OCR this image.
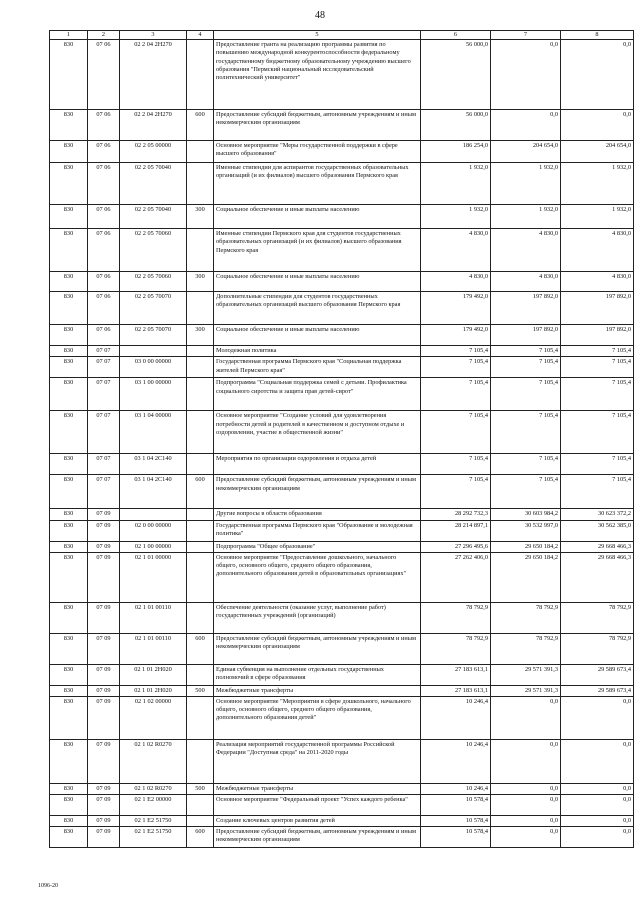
48
1	2	3	4	5	6	7	8
830	07 06	02 2 04 2Н270		Предоставление гранта на реализацию программы развития по повышению международной конкурентоспособности федеральному государственному бюджетному образовательному учреждению высшего образования "Пермский национальный исследовательский политехнический университет"	56 000,0	0,0	0,0
830	07 06	02 2 04 2Н270	600	Предоставление субсидий бюджетным, автономным учреждениям и иным некоммерческим организациям	56 000,0	0,0	0,0
830	07 06	02 2 05 00000		Основное мероприятие "Меры государственной поддержки в сфере высшего образования"	186 254,0	204 654,0	204 654,0
830	07 06	02 2 05 70040		Именные стипендии для аспирантов государственных образовательных организаций (и их филиалов) высшего образования Пермского края	1 932,0	1 932,0	1 932,0
830	07 06	02 2 05 70040	300	Социальное обеспечение и иные выплаты населению	1 932,0	1 932,0	1 932,0
830	07 06	02 2 05 70060		Именные стипендии Пермского края для студентов государственных образовательных организаций (и их филиалов) высшего образования Пермского края	4 830,0	4 830,0	4 830,0
830	07 06	02 2 05 70060	300	Социальное обеспечение и иные выплаты населению	4 830,0	4 830,0	4 830,0
830	07 06	02 2 05 70070		Дополнительные стипендии для студентов государственных образовательных организаций высшего образования Пермского края	179 492,0	197 892,0	197 892,0
830	07 06	02 2 05 70070	300	Социальное обеспечение и иные выплаты населению	179 492,0	197 892,0	197 892,0
830	07 07			Молодежная политика	7 105,4	7 105,4	7 105,4
830	07 07	03 0 00 00000		Государственная программа Пермского края "Социальная поддержка жителей Пермского края"	7 105,4	7 105,4	7 105,4
830	07 07	03 1 00 00000		Подпрограмма "Социальная поддержка семей с детьми. Профилактика социального сиротства и защита прав детей-сирот"	7 105,4	7 105,4	7 105,4
830	07 07	03 1 04 00000		Основное мероприятие "Создание условий для удовлетворения потребности детей и родителей в качественном и доступном отдыхе и оздоровлении, участие в общественной жизни"	7 105,4	7 105,4	7 105,4
830	07 07	03 1 04 2С140		Мероприятия по организации оздоровления и отдыха детей	7 105,4	7 105,4	7 105,4
830	07 07	03 1 04 2С140	600	Предоставление субсидий бюджетным, автономным учреждениям и иным некоммерческим организациям	7 105,4	7 105,4	7 105,4
830	07 09			Другие вопросы в области образования	28 292 732,3	30 603 984,2	30 623 372,2
830	07 09	02 0 00 00000		Государственная программа Пермского края "Образование и молодежная политика"	28 214 897,1	30 532 997,0	30 562 385,0
830	07 09	02 1 00 00000		Подпрограмма "Общее образование"	27 296 495,6	29 650 184,2	29 668 466,3
830	07 09	02 1 01 00000		Основное мероприятие "Предоставление дошкольного, начального общего, основного общего, среднего общего образования, дополнительного образования детей в образовательных организациях"	27 262 406,0	29 650 184,2	29 668 466,3
830	07 09	02 1 01 00110		Обеспечение деятельности (оказание услуг, выполнение работ) государственных учреждений (организаций)	78 792,9	78 792,9	78 792,9
830	07 09	02 1 01 00110	600	Предоставление субсидий бюджетным, автономным учреждениям и иным некоммерческим организациям	78 792,9	78 792,9	78 792,9
830	07 09	02 1 01 2Н020		Единая субвенция на выполнение отдельных государственных полномочий в сфере образования	27 183 613,1	29 571 391,3	29 589 673,4
830	07 09	02 1 01 2Н020	500	Межбюджетные трансферты	27 183 613,1	29 571 391,3	29 589 673,4
830	07 09	02 1 02 00000		Основное мероприятие "Мероприятия в сфере дошкольного, начального общего, основного общего, среднего общего образования, дополнительного образования детей"	10 246,4	0,0	0,0
830	07 09	02 1 02 R0270		Реализация мероприятий государственной программы Российской Федерации "Доступная среда" на 2011-2020 годы	10 246,4	0,0	0,0
830	07 09	02 1 02 R0270	500	Межбюджетные трансферты	10 246,4	0,0	0,0
830	07 09	02 1 Е2 00000		Основное мероприятие "Федеральный проект "Успех каждого ребенка"	10 578,4	0,0	0,0
830	07 09	02 1 Е2 51750		Создание ключевых центров развития детей	10 578,4	0,0	0,0
830	07 09	02 1 Е2 51750	600	Предоставление субсидий бюджетным, автономным учреждениям и иным некоммерческим организациям	10 578,4	0,0	0,0
1096-20
